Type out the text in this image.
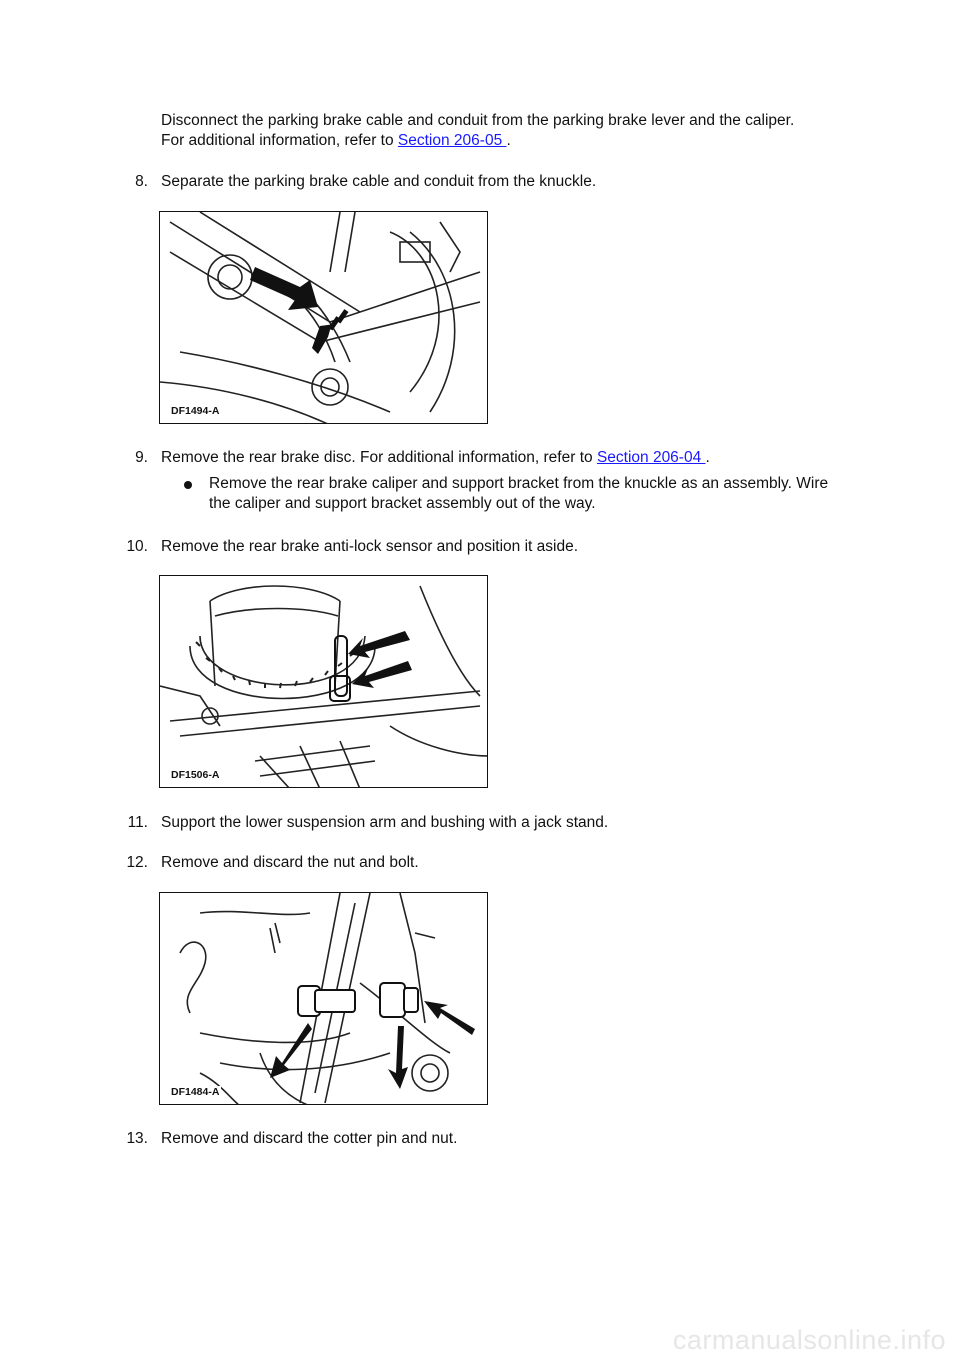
Disconnect the parking brake cable and conduit from the parking brake lever and the caliper.
For additional information, refer to Section 206-05 .

8. Separate the parking brake cable and conduit from the knuckle.
DF1494-A
9. Remove the rear brake disc. For additional information, refer to Section 206-04 .
Remove the rear brake caliper and support bracket from the knuckle as an assembly. Wire the caliper and support bracket assembly out of the way.
10. Remove the rear brake anti-lock sensor and position it aside.
DF1506-A
11. Support the lower suspension arm and bushing with a jack stand.
12. Remove and discard the nut and bolt.
DF1484-A
13. Remove and discard the cotter pin and nut.
carmanualsonline.info
